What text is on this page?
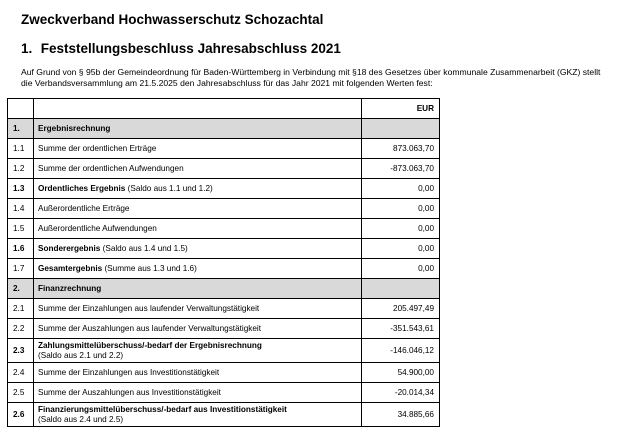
Zweckverband Hochwasserschutz Schozachtal
1. Feststellungsbeschluss Jahresabschluss 2021
Auf Grund von § 95b der Gemeindeordnung für Baden-Württemberg in Verbindung mit §18 des Gesetzes über kommunale Zusammenarbeit (GKZ) stellt
die Verbandsversammlung am 21.5.2025 den Jahresabschluss für das Jahr 2021 mit folgenden Werten fest:
		EUR
1.	Ergebnisrechnung	
1.1	Summe der ordentlichen Erträge	873.063,70
1.2	Summe der ordentlichen Aufwendungen	-873.063,70
1.3	Ordentliches Ergebnis (Saldo aus 1.1 und 1.2)	0,00
1.4	Außerordentliche Erträge	0,00
1.5	Außerordentliche Aufwendungen	0,00
1.6	Sonderergebnis (Saldo aus 1.4 und 1.5)	0,00
1.7	Gesamtergebnis (Summe aus 1.3 und 1.6)	0,00
2.	Finanzrechnung	
2.1	Summe der Einzahlungen aus laufender Verwaltungstätigkeit	205.497,49
2.2	Summe der Auszahlungen aus laufender Verwaltungstätigkeit	-351.543,61
2.3	Zahlungsmittelüberschuss/-bedarf der Ergebnisrechnung
(Saldo aus 2.1 und 2.2)	-146.046,12
2.4	Summe der Einzahlungen aus Investitionstätigkeit	54.900,00
2.5	Summe der Auszahlungen aus Investitionstätigkeit	-20.014,34
2.6	Finanzierungsmittelüberschuss/-bedarf aus Investitionstätigkeit
(Saldo aus 2.4 und 2.5)	34.885,66
